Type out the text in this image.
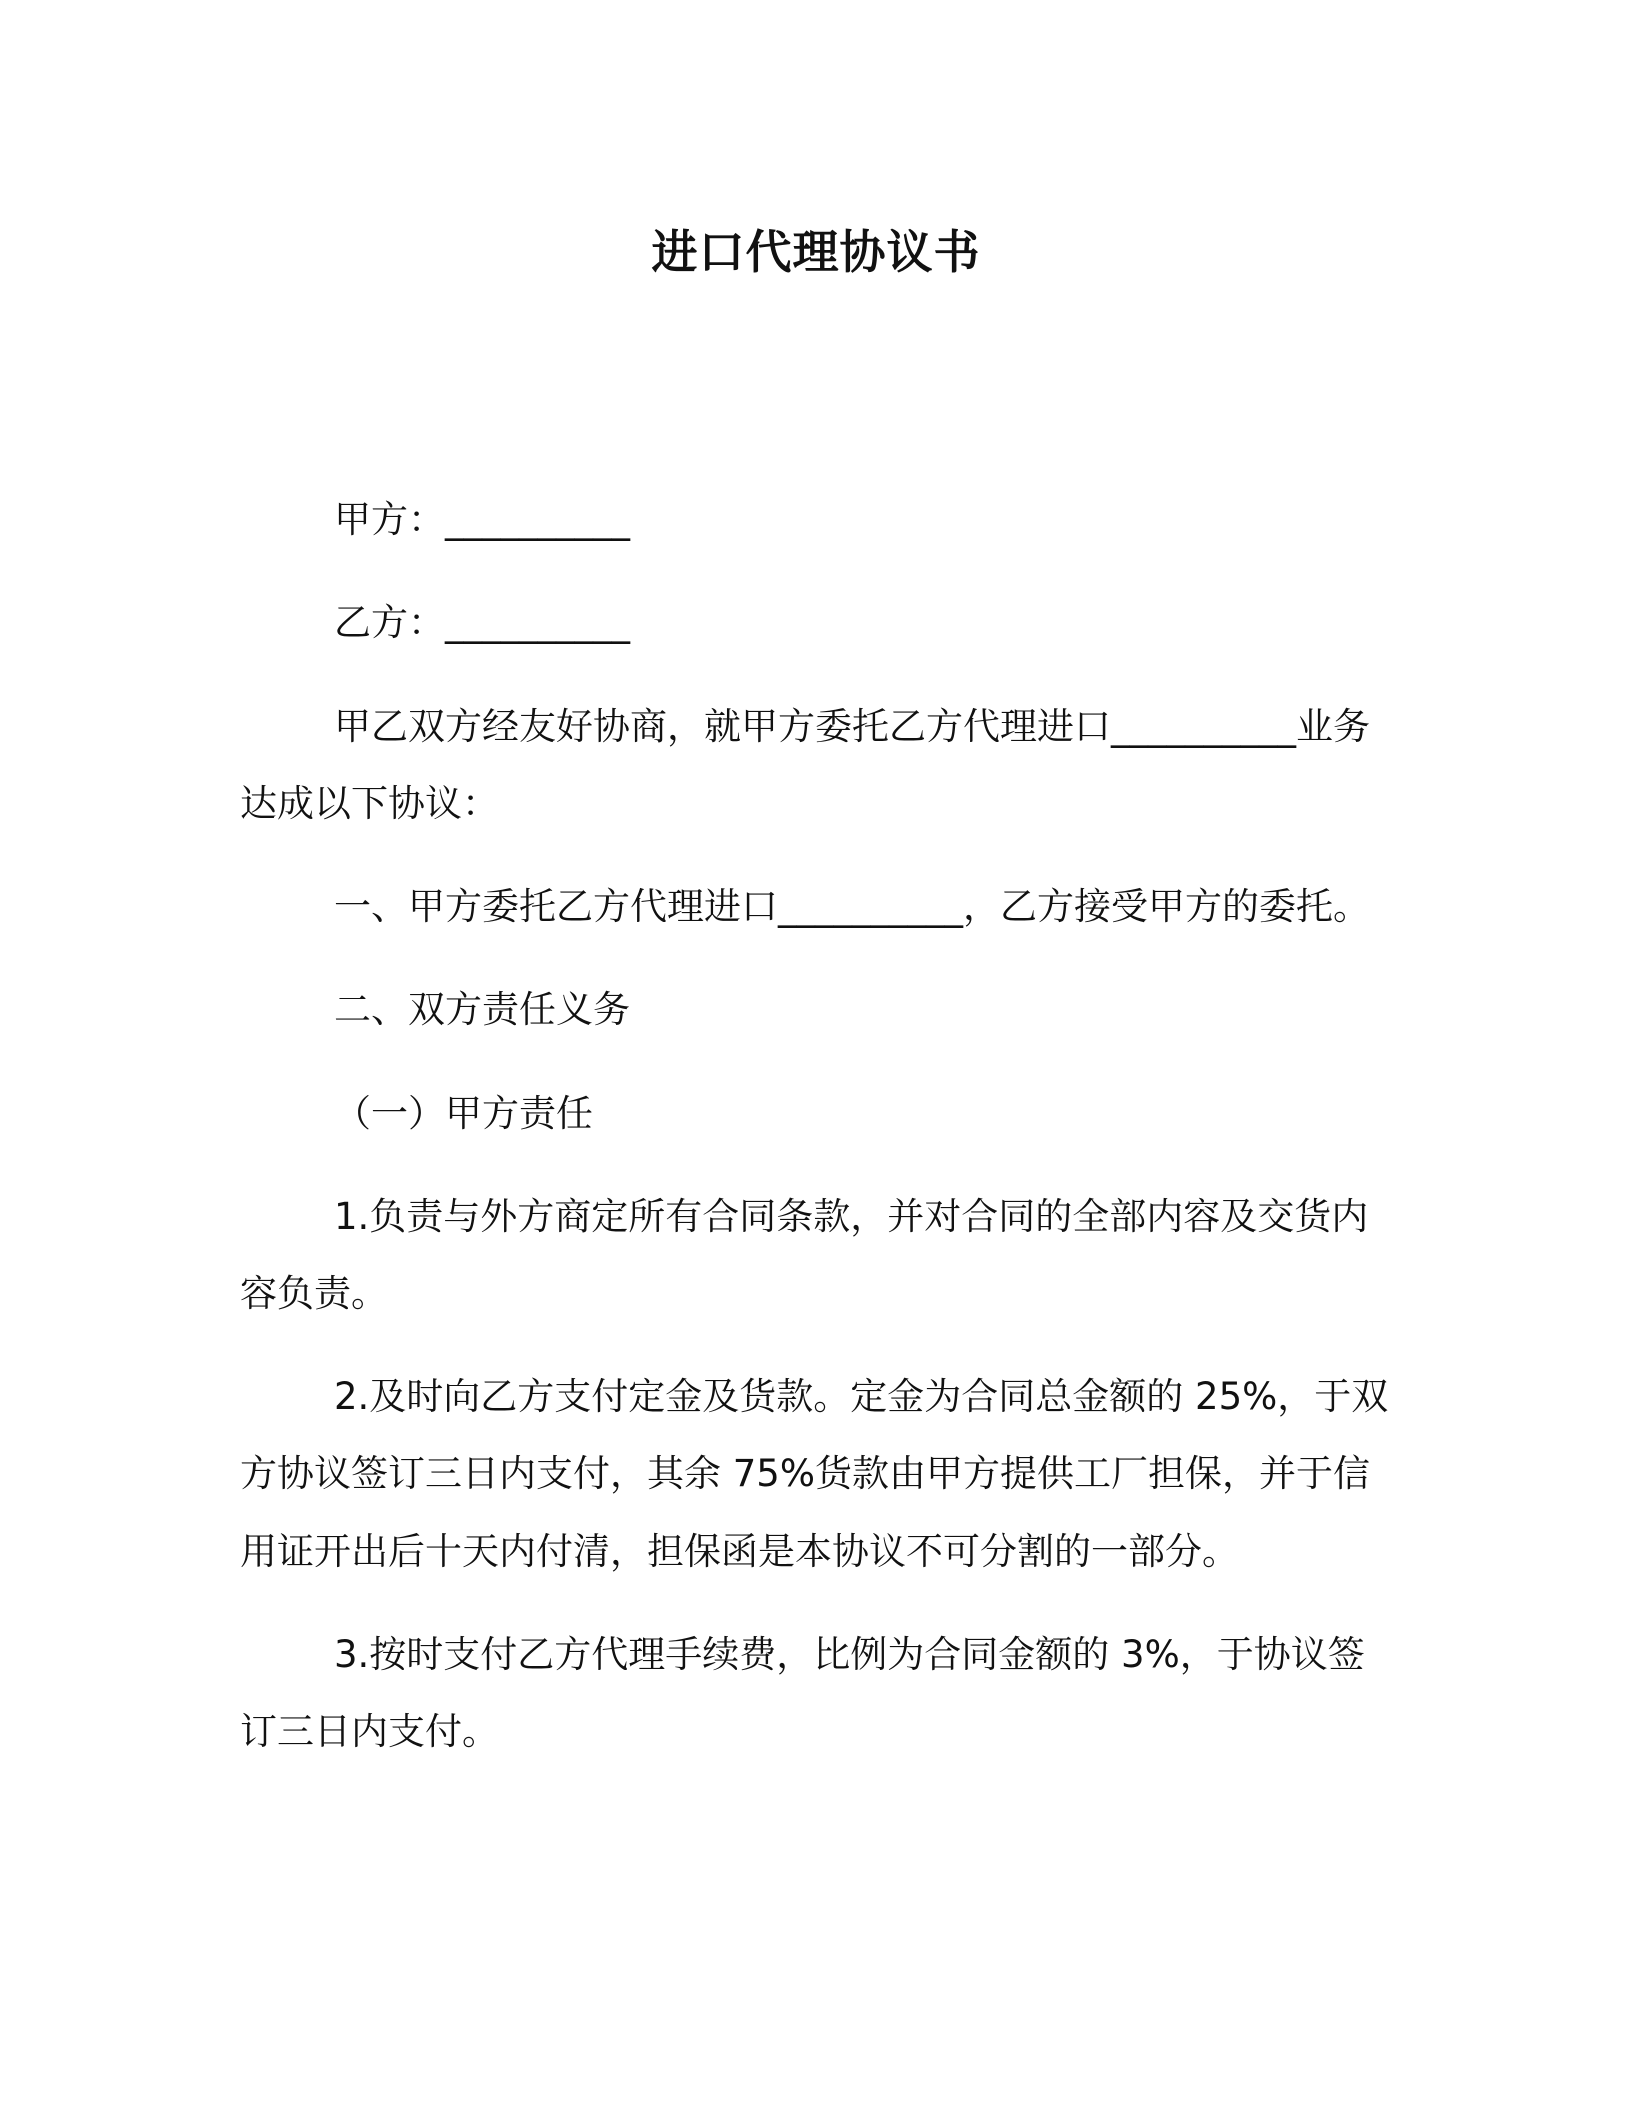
进口代理协议书
甲方：__________
乙方：__________
甲乙双方经友好协商，就甲方委托乙方代理进口__________业务
达成以下协议：
一、甲方委托乙方代理进口__________，乙方接受甲方的委托。
二、双方责任义务
（一）甲方责任
1.负责与外方商定所有合同条款，并对合同的全部内容及交货内
容负责。
2.及时向乙方支付定金及货款。定金为合同总金额的 25%，于双
方协议签订三日内支付，其余 75%货款由甲方提供工厂担保，并于信
用证开出后十天内付清，担保函是本协议不可分割的一部分。
3.按时支付乙方代理手续费，比例为合同金额的 3%，于协议签
订三日内支付。
